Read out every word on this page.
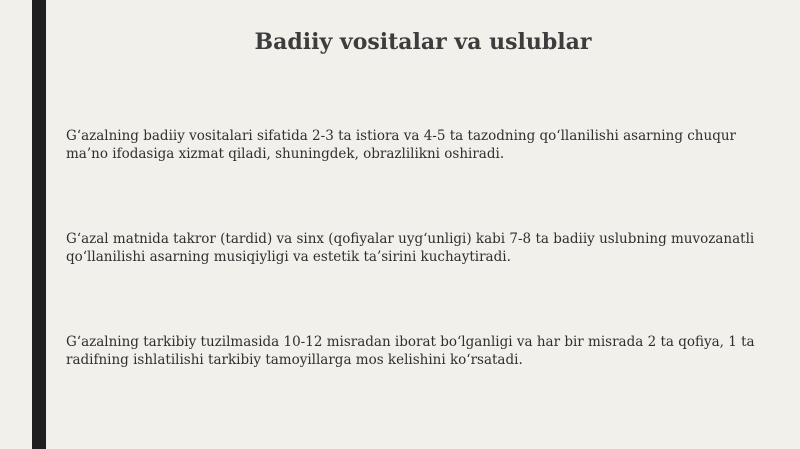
Badiiy vositalar va uslublar

G‘azalning badiiy vositalari sifatida 2-3 ta istiora va 4-5 ta tazodning qo‘llanilishi asarning chuqur ma’no ifodasiga xizmat qiladi, shuningdek, obrazlilikni oshiradi.

G‘azal matnida takror (tardid) va sinx (qofiyalar uyg‘unligi) kabi 7-8 ta badiiy uslubning muvozanatli qo‘llanilishi asarning musiqiyligi va estetik ta’sirini kuchaytiradi.

G‘azalning tarkibiy tuzilmasida 10-12 misradan iborat bo‘lganligi va har bir misrada 2 ta qofiya, 1 ta radifning ishlatilishi tarkibiy tamoyillarga mos kelishini ko‘rsatadi.
